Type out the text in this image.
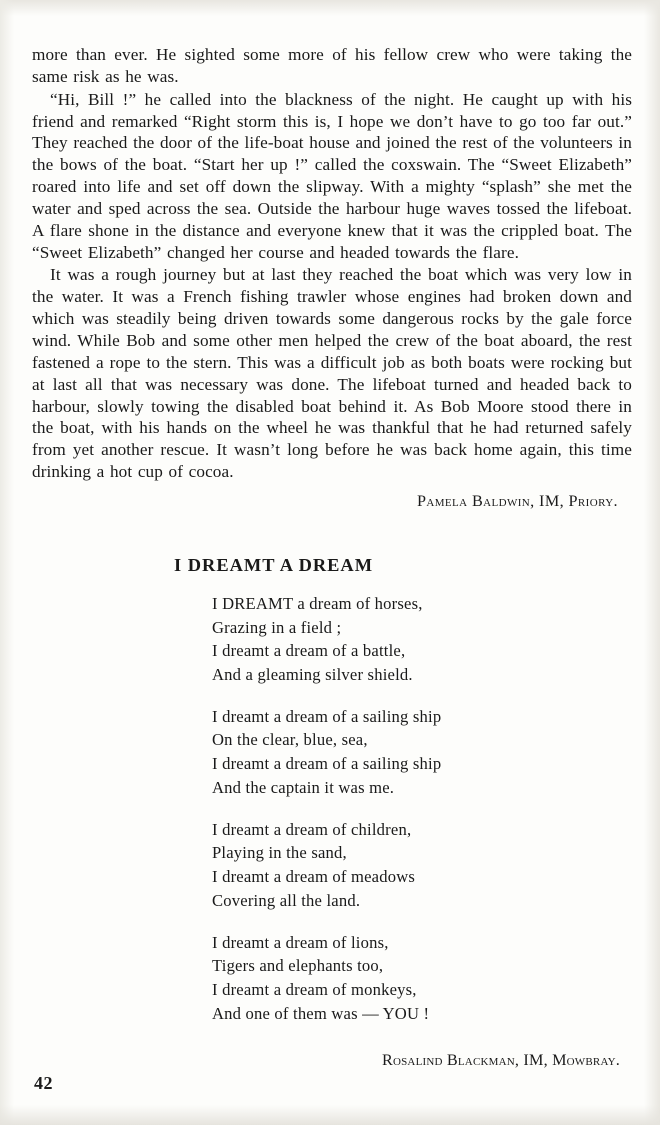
more than ever. He sighted some more of his fellow crew who were taking the same risk as he was.

“Hi, Bill !” he called into the blackness of the night. He caught up with his friend and remarked “Right storm this is, I hope we don’t have to go too far out.” They reached the door of the life-boat house and joined the rest of the volunteers in the bows of the boat. “Start her up !” called the coxswain. The “Sweet Elizabeth” roared into life and set off down the slipway. With a mighty “splash” she met the water and sped across the sea. Outside the harbour huge waves tossed the lifeboat. A flare shone in the distance and everyone knew that it was the crippled boat. The “Sweet Elizabeth” changed her course and headed towards the flare.

It was a rough journey but at last they reached the boat which was very low in the water. It was a French fishing trawler whose engines had broken down and which was steadily being driven towards some dangerous rocks by the gale force wind. While Bob and some other men helped the crew of the boat aboard, the rest fastened a rope to the stern. This was a difficult job as both boats were rocking but at last all that was necessary was done. The lifeboat turned and headed back to harbour, slowly towing the disabled boat behind it. As Bob Moore stood there in the boat, with his hands on the wheel he was thankful that he had returned safely from yet another rescue. It wasn’t long before he was back home again, this time drinking a hot cup of cocoa.

Pamela Baldwin, IM, Priory.
I DREAMT A DREAM
I DREAMT a dream of horses,
Grazing in a field ;
I dreamt a dream of a battle,
And a gleaming silver shield.
I dreamt a dream of a sailing ship
On the clear, blue, sea,
I dreamt a dream of a sailing ship
And the captain it was me.
I dreamt a dream of children,
Playing in the sand,
I dreamt a dream of meadows
Covering all the land.
I dreamt a dream of lions,
Tigers and elephants too,
I dreamt a dream of monkeys,
And one of them was — YOU !
Rosalind Blackman, IM, Mowbray.
42
